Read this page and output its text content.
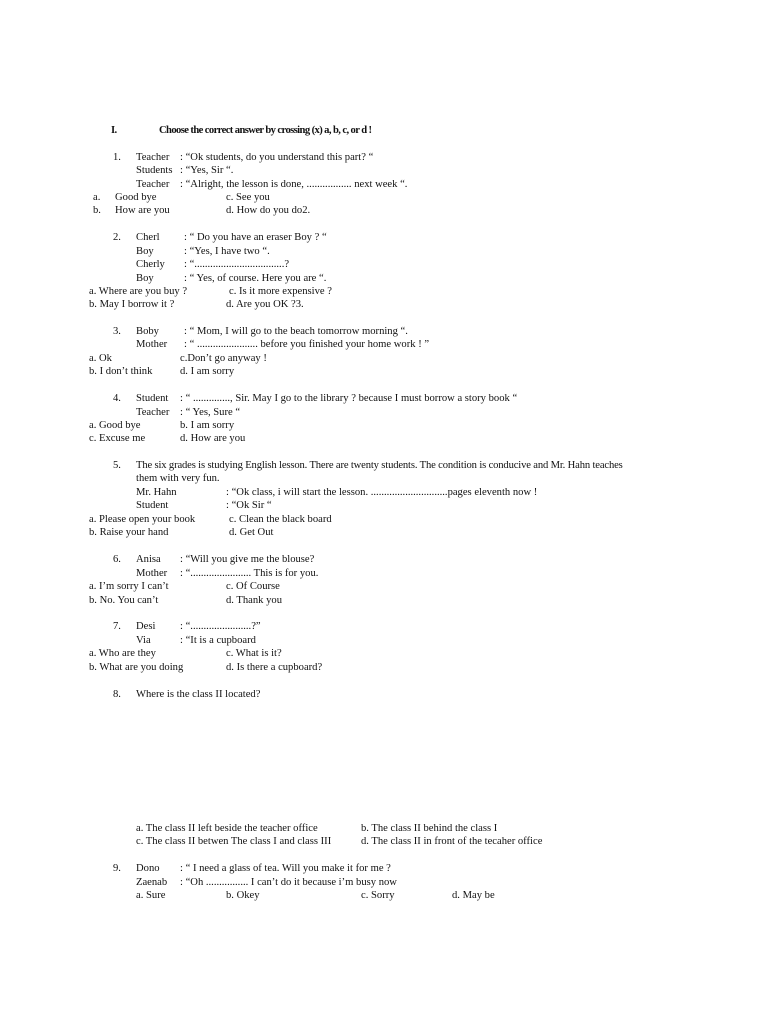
I.	Choose the correct answer by crossing (x) a, b, c, or d !
1. Teacher : “Ok students, do you understand this part? “
Students : “Yes, Sir “.
Teacher : “Alright, the lesson is done, ................. next week “.
a. Good bye	c. See you
b. How are you	d. How do you do2.
2. Cherl : “ Do you have an eraser Boy ? “
Boy	: “Yes, I have two “.
Cherly : “..................................?
Boy	: “ Yes, of course. Here you are “.
a. Where are you buy ?	c. Is it more expensive ?
b. May I borrow it ?	d. Are you OK ?3.
3. Boby : “ Mom, I will go to the beach tomorrow morning “.
Mother : “ ....................... before you finished your home work ! ”
a. Ok	c.Don’t go anyway !
b. I don’t think	d. I am sorry
4. Student : “ .............., Sir. May I go to the library ? because I must borrow a story book “
Teacher : “ Yes, Sure “
a. Good bye	b. I am sorry
c. Excuse me	d. How are you
5. The six grades is studying English lesson. There are twenty students. The condition is conducive and Mr. Hahn teaches
them with very fun.
Mr. Hahn	: “Ok class, i will start the lesson. .............................pages eleventh now !
Student	: “Ok Sir “
a. Please open your book	c. Clean the black board
b. Raise your hand	d. Get Out
6. Anisa : “Will you give me the blouse?
Mother : “....................... This is for you.
a. I’m sorry I can’t	c. Of Course
b. No. You can’t	d. Thank you
7. Desi : “.......................?”
Via	: “It is a cupboard
a. Who are they	c. What is it?
b. What are you doing	d. Is there a cupboard?
8. Where is the class II located?
a. The class II left beside the teacher office	b. The class II behind the class I
c. The class II betwen The class I and class III	d. The class II in front of the tecaher office
9. Dono : “ I need a glass of tea. Will you make it for me ?
Zaenab : “Oh ................ I can’t do it because i’m busy now
a. Sure	b. Okey	c. Sorry	d. May be
